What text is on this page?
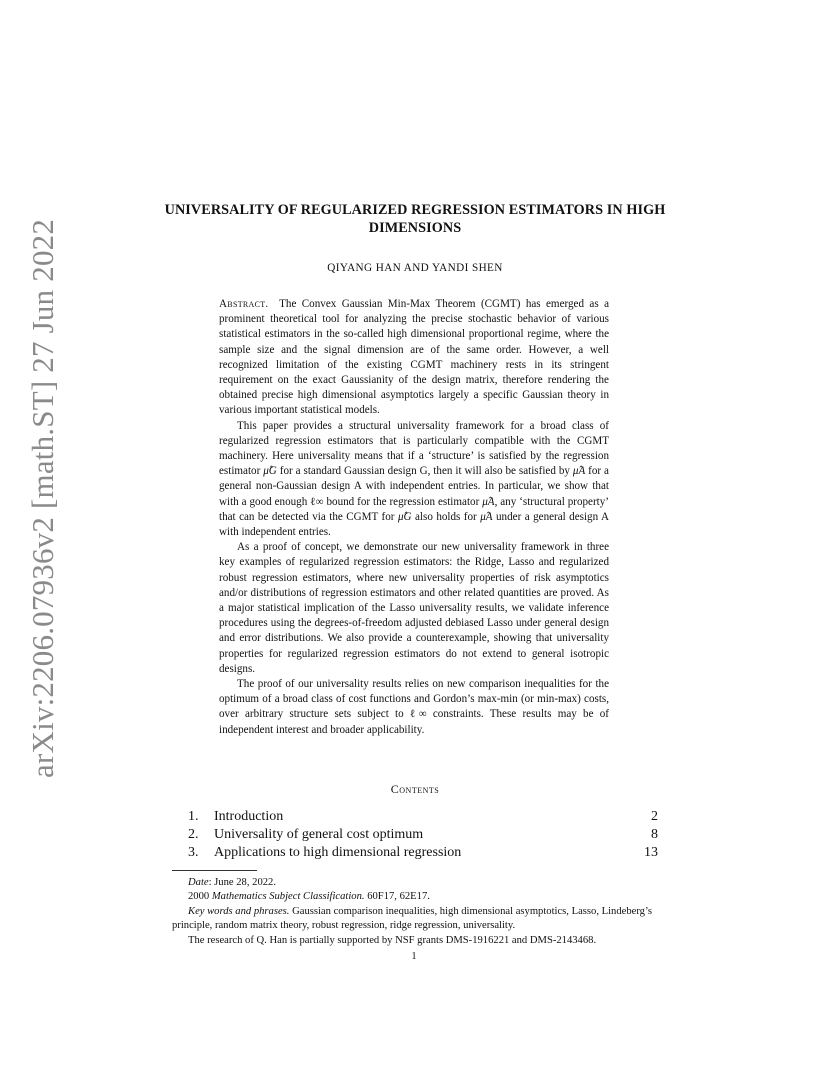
arXiv:2206.07936v2 [math.ST] 27 Jun 2022
UNIVERSALITY OF REGULARIZED REGRESSION ESTIMATORS IN HIGH DIMENSIONS
QIYANG HAN AND YANDI SHEN

Abstract. The Convex Gaussian Min-Max Theorem (CGMT) has emerged as a prominent theoretical tool for analyzing the precise stochastic behavior of various statistical estimators in the so-called high dimensional proportional regime, where the sample size and the signal dimension are of the same order. However, a well recognized limitation of the existing CGMT machinery rests in its stringent requirement on the exact Gaussianity of the design matrix, therefore rendering the obtained precise high dimensional asymptotics largely a specific Gaussian theory in various important statistical models.

This paper provides a structural universality framework for a broad class of regularized regression estimators that is particularly compatible with the CGMT machinery. Here universality means that if a ‘structure’ is satisfied by the regression estimator μ̂G for a standard Gaussian design G, then it will also be satisfied by μ̂A for a general non-Gaussian design A with independent entries. In particular, we show that with a good enough ℓ∞ bound for the regression estimator μ̂A, any ‘structural property’ that can be detected via the CGMT for μ̂G also holds for μ̂A under a general design A with independent entries.

As a proof of concept, we demonstrate our new universality framework in three key examples of regularized regression estimators: the Ridge, Lasso and regularized robust regression estimators, where new universality properties of risk asymptotics and/or distributions of regression estimators and other related quantities are proved. As a major statistical implication of the Lasso universality results, we validate inference procedures using the degrees-of-freedom adjusted debiased Lasso under general design and error distributions. We also provide a counterexample, showing that universality properties for regularized regression estimators do not extend to general isotropic designs.

The proof of our universality results relies on new comparison inequalities for the optimum of a broad class of cost functions and Gordon’s max-min (or min-max) costs, over arbitrary structure sets subject to ℓ∞ constraints. These results may be of independent interest and broader applicability.

Contents
1.	Introduction	2
2.	Universality of general cost optimum	8
3.	Applications to high dimensional regression	13

Date: June 28, 2022.

2000 Mathematics Subject Classification. 60F17, 62E17.

Key words and phrases. Gaussian comparison inequalities, high dimensional asymptotics, Lasso, Lindeberg’s principle, random matrix theory, robust regression, ridge regression, universality.

The research of Q. Han is partially supported by NSF grants DMS-1916221 and DMS-2143468.

1
